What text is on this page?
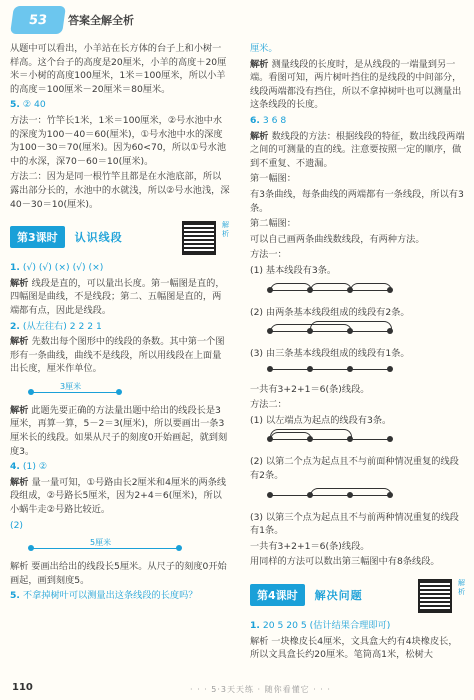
53	答案全解全析

从题中可以看出，小羊站在长方体的台子上和小树一样高。这个台子的高度是20厘米，小羊的高度＋20厘米＝小树的高度100厘米，1米＝100厘米，所以小羊的高度＝100厘米－20厘米＝80厘米。

5. ② 40

方法一：竹竿长1米，1米＝100厘米，②号水池中水的深度为100－40＝60(厘米)，①号水池中水的深度为100－30＝70(厘米)。因为60<70，所以①号水池中的水深，深70－60＝10(厘米)。

方法二：因为是同一根竹竿且都是在水池底部，所以露出部分长的，水池中的水就浅，所以②号水池浅，深40－30＝10(厘米)。

第3课时	认识线段
解析

1. (√) (√) (×) (√) (×)

解析 线段是直的，可以量出长度。第一幅图是直的，四幅图是曲线，不是线段；第二、五幅图是直的，两端都有点，因此是线段。

2. (从左往右) 2 2 2 1

解析 先数出每个图形中的线段的条数。其中第一个图形有一条曲线，曲线不是线段，所以用线段在上面量出长度，厘米作单位。

3厘米

解析 此题先要正确的方法量出题中给出的线段长是3厘米，再算一算，5－2＝3(厘米)，所以要画出一条3厘米长的线段。如果从尺子的刻度0开始画起，就到刻度3。

4. (1) ②

解析 量一量可知，①号路由长2厘米和4厘米的两条线段组成，②号路长5厘米，因为2+4＝6(厘米)，所以小蜗牛走②号路比较近。

(2)

5厘米

解析 要画出给出的线段长5厘米。从尺子的刻度0开始画起，画到刻度5。

5. 不拿掉树叶可以测量出这条线段的长度吗？

厘米。

解析 测量线段的长度时，是从线段的一端量到另一端。看图可知，两片树叶挡住的是线段的中间部分，线段两端都没有挡住，所以不拿掉树叶也可以测量出这条线段的长度。

6. 3 6 8

解析 数线段的方法：根据线段的特征，数出线段两端之间的可测量的直的线。注意要按照一定的顺序，做到不重复、不遗漏。

第一幅图：

有3条曲线，每条曲线的两端都有一条线段，所以有3条。

第二幅图：

可以自己画两条曲线数线段，有两种方法。

方法一：

(1) 基本线段有3条。

(2) 由两条基本线段组成的线段有2条。

(3) 由三条基本线段组成的线段有1条。

一共有3+2+1＝6(条)线段。

方法二：

(1) 以左端点为起点的线段有3条。

(2) 以第二个点为起点且不与前面种情况重复的线段有2条。

(3) 以第三个点为起点且不与前两种情况重复的线段有1条。

一共有3+2+1＝6(条)线段。

用同样的方法可以数出第三幅图中有8条线段。

第4课时	解决问题
解析

1. 20 5 20 5 (估计结果合理即可)

解析 一块橡皮长4厘米，文具盒大约有4块橡皮长，所以文具盒长约20厘米。笔筒高1米，松树大

110	· · · 5·3天天练 · 随你看懂它 · · ·
